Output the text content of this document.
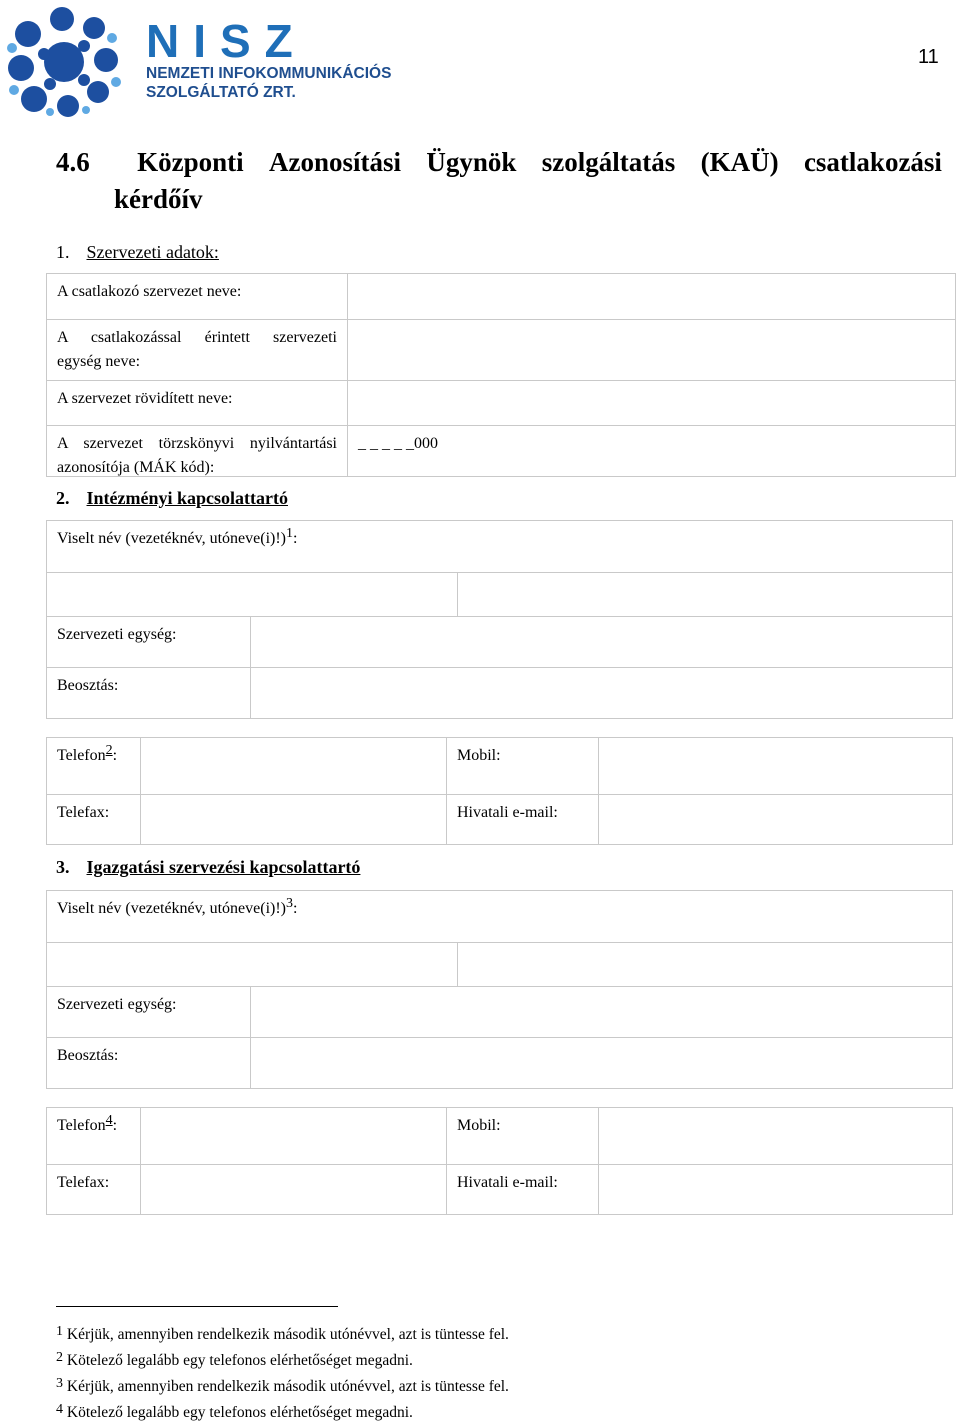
NISZ
NEMZETI INFOKOMMUNIKÁCIÓS
SZOLGÁLTATÓ ZRT.
11
4.6 Központi Azonosítási Ügynök szolgáltatás (KAÜ) csatlakozási
kérdőív
1. Szervezeti adatok:
A csatlakozó szervezet neve:
A csatlakozással érintett szervezeti
egység neve:
A szervezet rövidített neve:
A szervezet törzskönyvi nyilvántartási
azonosítója (MÁK kód):
_ _ _ _ _000
2. Intézményi kapcsolattartó
Viselt név (vezetéknév, utóneve(i)!)$^1$:
Szervezeti egység:
Beosztás:
Telefon$^2$:	Mobil:
Telefax:	Hivatali e-mail:
3. Igazgatási szervezési kapcsolattartó
Viselt név (vezetéknév, utóneve(i)!)$^3$:
Szervezeti egység:
Beosztás:
Telefon$^4$:	Mobil:
Telefax:	Hivatali e-mail:
$^1$ Kérjük, amennyiben rendelkezik második utónévvel, azt is tüntesse fel.
$^2$ Kötelező legalább egy telefonos elérhetőséget megadni.
$^3$ Kérjük, amennyiben rendelkezik második utónévvel, azt is tüntesse fel.
$^4$ Kötelező legalább egy telefonos elérhetőséget megadni.
